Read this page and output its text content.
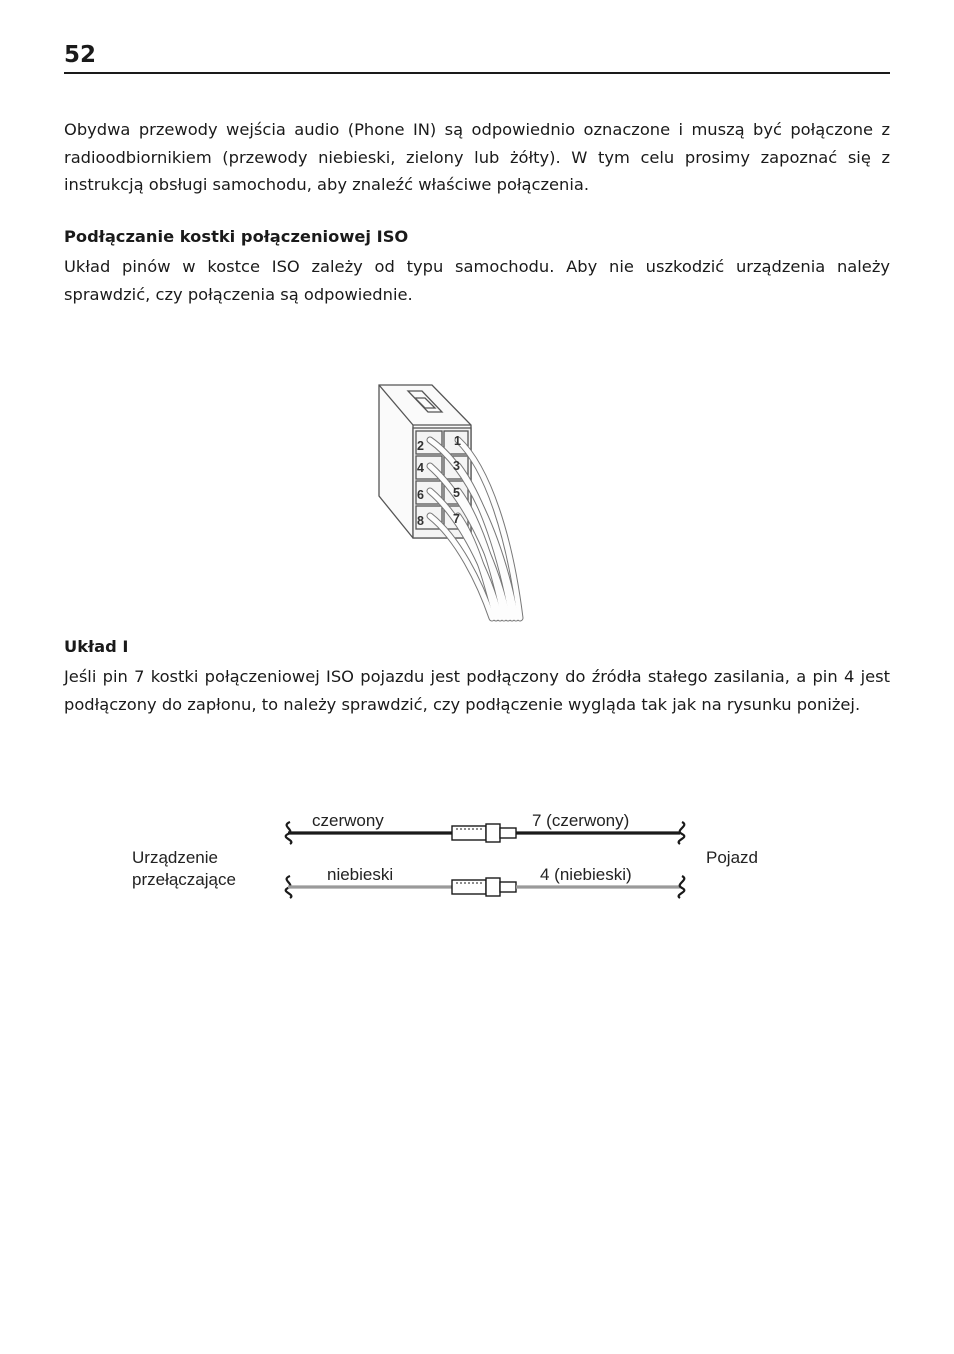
52

Obydwa przewody wejścia audio (Phone IN) są odpowiednio oznaczone i muszą być połączone z radioodbiornikiem (przewody niebieski, zielony lub żółty). W tym celu prosimy zapoznać się z instrukcją obsługi samochodu, aby znaleźć właściwe połączenia.

Podłączanie kostki połączeniowej ISO

Układ pinów w kostce ISO zależy od typu samochodu. Aby nie uszkodzić urządzenia należy sprawdzić, czy połączenia są odpowiednie.

1
2
3
4
5
6
7
8

Układ I

Jeśli pin 7 kostki połączeniowej ISO pojazdu jest podłączony do źródła stałego zasilania, a pin 4 jest podłączony do zapłonu, to należy sprawdzić, czy podłączenie wygląda tak jak na rysunku poniżej.

Urządzenie
przełączające
Pojazd
czerwony	7 (czerwony)
niebieski	4 (niebieski)
